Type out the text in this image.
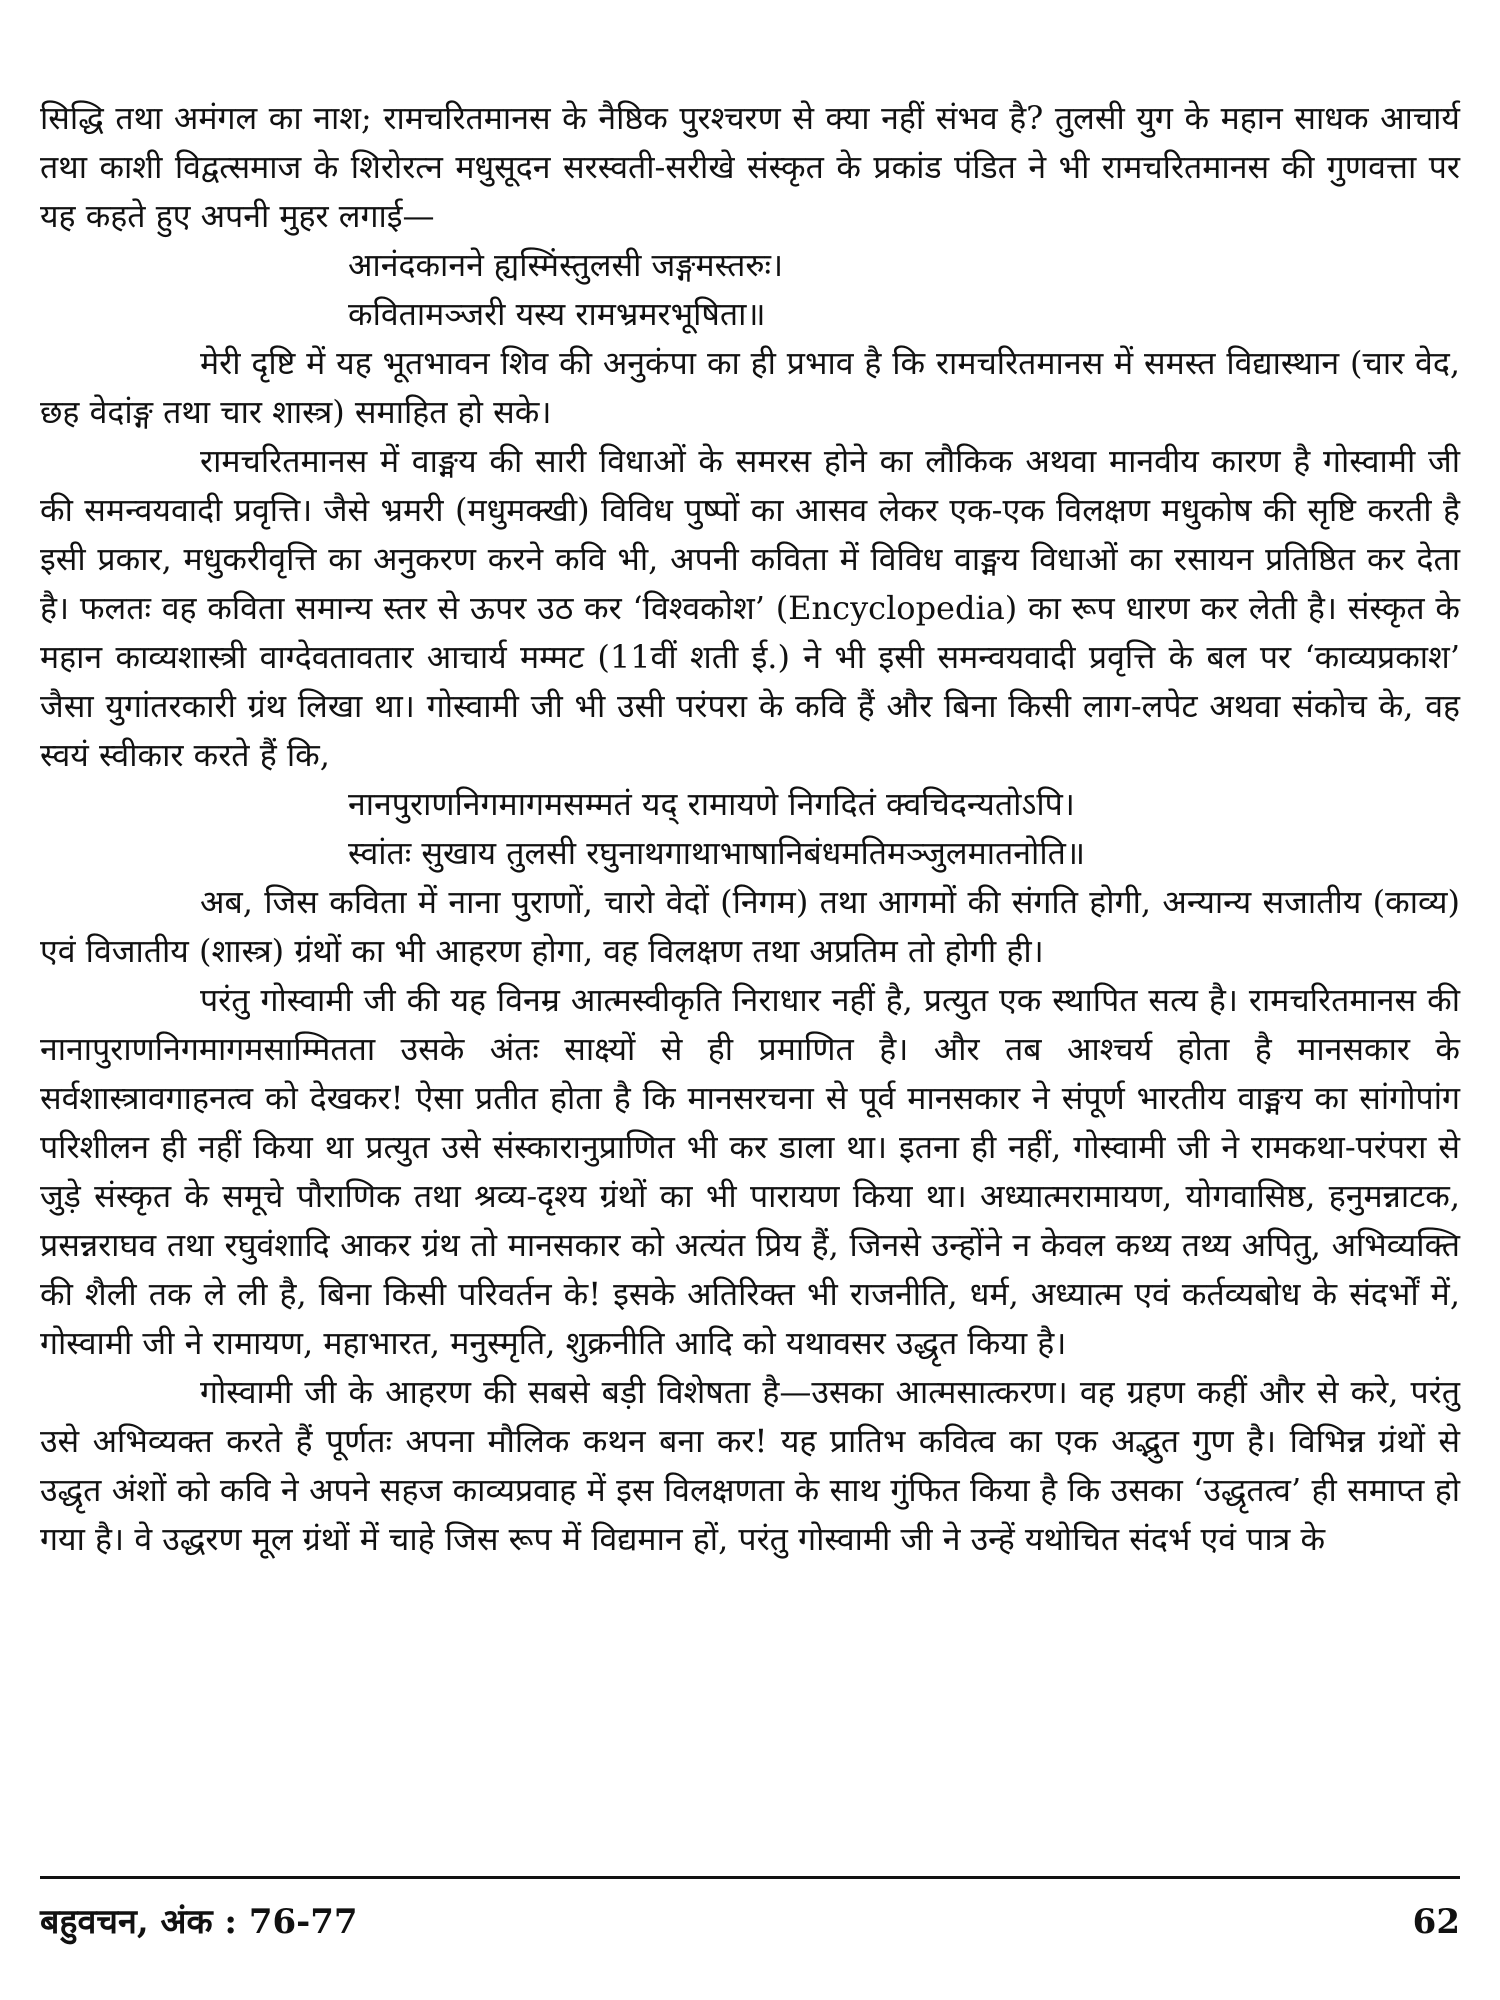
सिद्धि तथा अमंगल का नाश; रामचरितमानस के नैष्ठिक पुरश्चरण से क्या नहीं संभव है? तुलसी युग के महान साधक आचार्य तथा काशी विद्वत्समाज के शिरोरत्न मधुसूदन सरस्वती-सरीखे संस्कृत के प्रकांड पंडित ने भी रामचरितमानस की गुणवत्ता पर यह कहते हुए अपनी मुहर लगाई—

आनंदकानने ह्यस्मिंस्तुलसी जङ्गमस्तरुः।

कवितामञ्जरी यस्य रामभ्रमरभूषिता॥

मेरी दृष्टि में यह भूतभावन शिव की अनुकंपा का ही प्रभाव है कि रामचरितमानस में समस्त विद्यास्थान (चार वेद, छह वेदांङ्ग तथा चार शास्त्र) समाहित हो सके।

रामचरितमानस में वाङ्मय की सारी विधाओं के समरस होने का लौकिक अथवा मानवीय कारण है गोस्वामी जी की समन्वयवादी प्रवृत्ति। जैसे भ्रमरी (मधुमक्खी) विविध पुष्पों का आसव लेकर एक-एक विलक्षण मधुकोष की सृष्टि करती है इसी प्रकार, मधुकरीवृत्ति का अनुकरण करने कवि भी, अपनी कविता में विविध वाङ्मय विधाओं का रसायन प्रतिष्ठित कर देता है। फलतः वह कविता समान्य स्तर से ऊपर उठ कर ‘विश्वकोश’ (Encyclopedia) का रूप धारण कर लेती है। संस्कृत के महान काव्यशास्त्री वाग्देवतावतार आचार्य मम्मट (11वीं शती ई.) ने भी इसी समन्वयवादी प्रवृत्ति के बल पर ‘काव्यप्रकाश’ जैसा युगांतरकारी ग्रंथ लिखा था। गोस्वामी जी भी उसी परंपरा के कवि हैं और बिना किसी लाग-लपेट अथवा संकोच के, वह स्वयं स्वीकार करते हैं कि,

नानपुराणनिगमागमसम्मतं यद् रामायणे निगदितं क्वचिदन्यतोऽपि।

स्वांतः सुखाय तुलसी रघुनाथगाथाभाषानिबंधमतिमञ्जुलमातनोति॥

अब, जिस कविता में नाना पुराणों, चारो वेदों (निगम) तथा आगमों की संगति होगी, अन्यान्य सजातीय (काव्य) एवं विजातीय (शास्त्र) ग्रंथों का भी आहरण होगा, वह विलक्षण तथा अप्रतिम तो होगी ही।

परंतु गोस्वामी जी की यह विनम्र आत्मस्वीकृति निराधार नहीं है, प्रत्युत एक स्थापित सत्य है। रामचरितमानस की नानापुराणनिगमागमसाम्मितता उसके अंतः साक्ष्यों से ही प्रमाणित है। और तब आश्चर्य होता है मानसकार के सर्वशास्त्रावगाहनत्व को देखकर! ऐसा प्रतीत होता है कि मानसरचना से पूर्व मानसकार ने संपूर्ण भारतीय वाङ्मय का सांगोपांग परिशीलन ही नहीं किया था प्रत्युत उसे संस्कारानुप्राणित भी कर डाला था। इतना ही नहीं, गोस्वामी जी ने रामकथा-परंपरा से जुड़े संस्कृत के समूचे पौराणिक तथा श्रव्य-दृश्य ग्रंथों का भी पारायण किया था। अध्यात्मरामायण, योगवासिष्ठ, हनुमन्नाटक, प्रसन्नराघव तथा रघुवंशादि आकर ग्रंथ तो मानसकार को अत्यंत प्रिय हैं, जिनसे उन्होंने न केवल कथ्य तथ्य अपितु, अभिव्यक्ति की शैली तक ले ली है, बिना किसी परिवर्तन के! इसके अतिरिक्त भी राजनीति, धर्म, अध्यात्म एवं कर्तव्यबोध के संदर्भों में, गोस्वामी जी ने रामायण, महाभारत, मनुस्मृति, शुक्रनीति आदि को यथावसर उद्धृत किया है।

गोस्वामी जी के आहरण की सबसे बड़ी विशेषता है—उसका आत्मसात्करण। वह ग्रहण कहीं और से करे, परंतु उसे अभिव्यक्त करते हैं पूर्णतः अपना मौलिक कथन बना कर! यह प्रातिभ कवित्व का एक अद्भुत गुण है। विभिन्न ग्रंथों से उद्धृत अंशों को कवि ने अपने सहज काव्यप्रवाह में इस विलक्षणता के साथ गुंफित किया है कि उसका ‘उद्धृतत्व’ ही समाप्त हो गया है। वे उद्धरण मूल ग्रंथों में चाहे जिस रूप में विद्यमान हों, परंतु गोस्वामी जी ने उन्हें यथोचित संदर्भ एवं पात्र के

बहुवचन, अंक : 76-77	62
